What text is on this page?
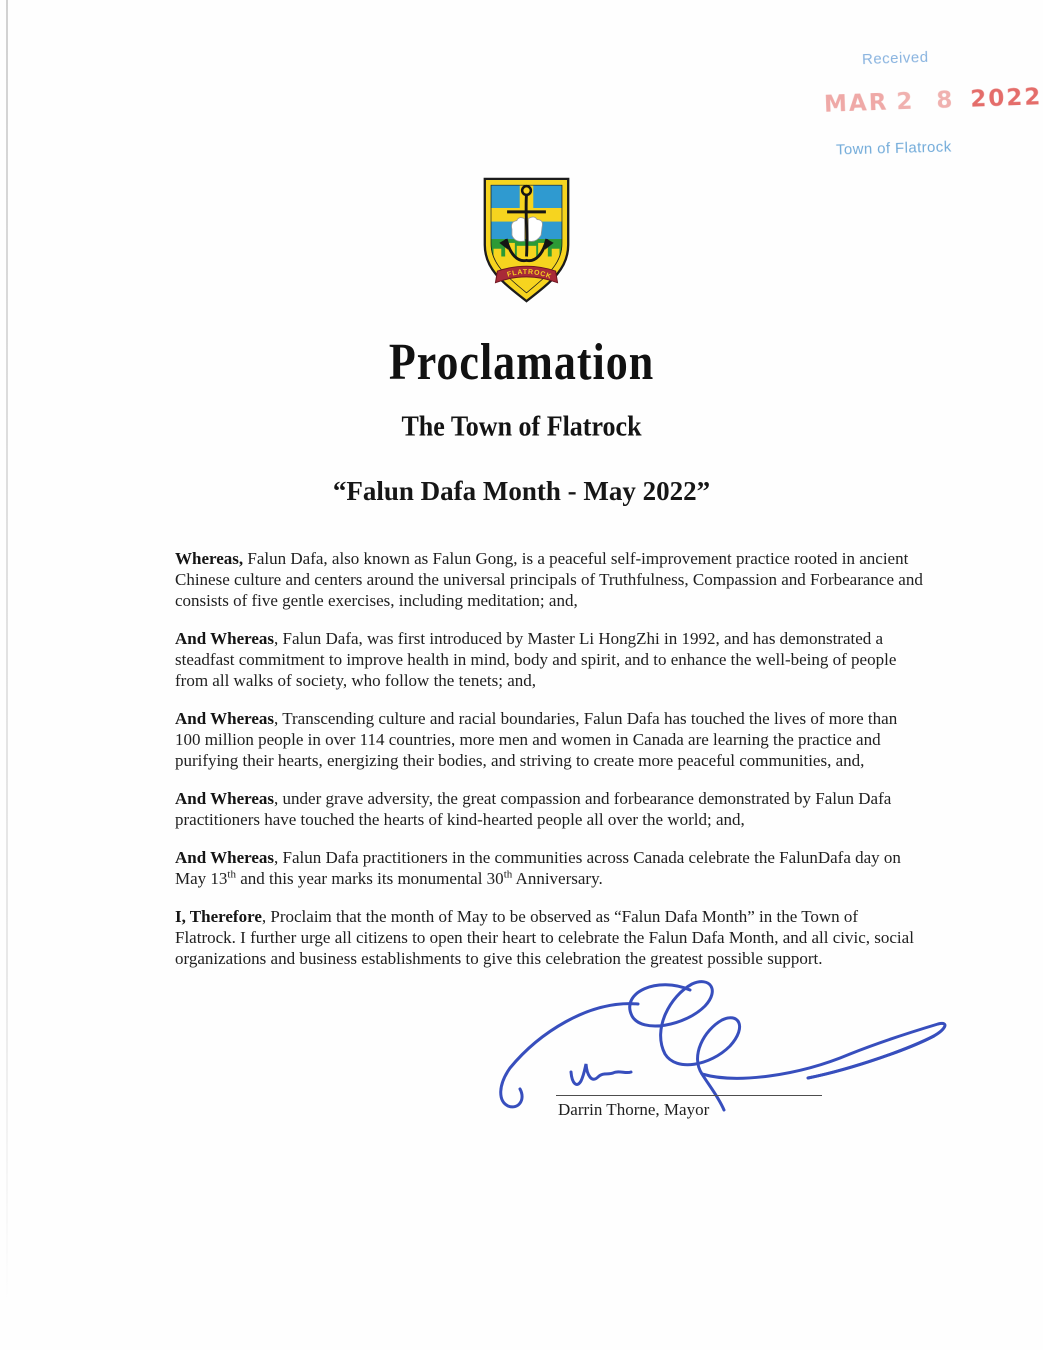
Received
MAR 2 8 2022
Town of Flatrock
FLATROCK
Proclamation
The Town of Flatrock
“Falun Dafa Month - May 2022”

Whereas, Falun Dafa, also known as Falun Gong, is a peaceful self-improvement practice rooted in ancient Chinese culture and centers around the universal principals of Truthfulness, Compassion and Forbearance and consists of five gentle exercises, including meditation; and,

And Whereas, Falun Dafa, was first introduced by Master Li HongZhi in 1992, and has demonstrated a steadfast commitment to improve health in mind, body and spirit, and to enhance the well-being of people from all walks of society, who follow the tenets; and,

And Whereas, Transcending culture and racial boundaries, Falun Dafa has touched the lives of more than 100 million people in over 114 countries, more men and women in Canada are learning the practice and purifying their hearts, energizing their bodies, and striving to create more peaceful communities, and,

And Whereas, under grave adversity, the great compassion and forbearance demonstrated by Falun Dafa practitioners have touched the hearts of kind-hearted people all over the world; and,

And Whereas, Falun Dafa practitioners in the communities across Canada celebrate the FalunDafa day on May 13th and this year marks its monumental 30th Anniversary.

I, Therefore, Proclaim that the month of May to be observed as “Falun Dafa Month” in the Town of Flatrock. I further urge all citizens to open their heart to celebrate the Falun Dafa Month, and all civic, social organizations and business establishments to give this celebration the greatest possible support.

Darrin Thorne, Mayor
